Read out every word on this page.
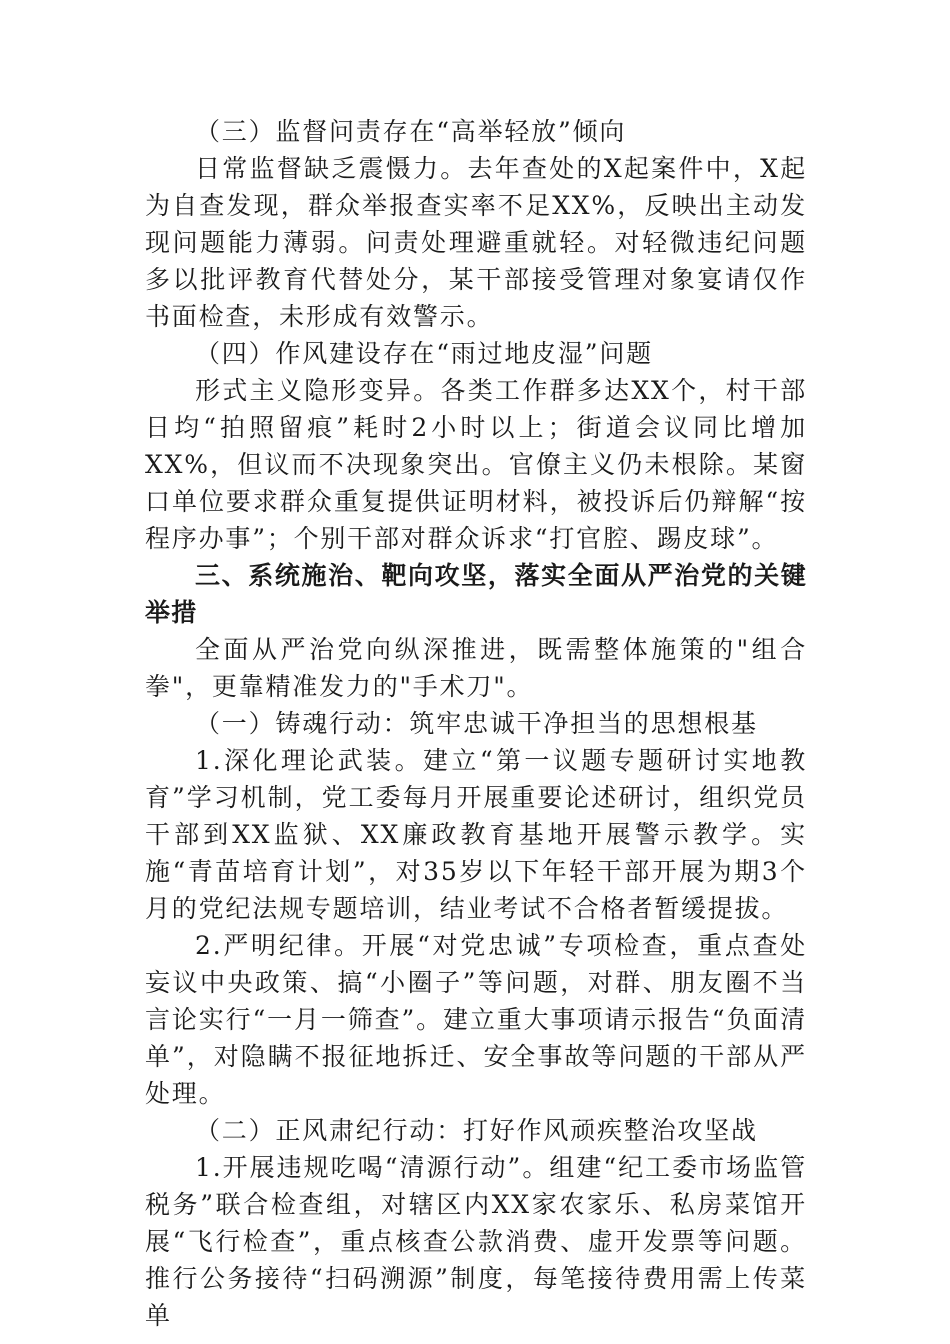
（三）监督问责存在“高举轻放”倾向

日常监督缺乏震慑力。去年查处的X起案件中，X起为自查发现，群众举报查实率不足XX%，反映出主动发现问题能力薄弱。问责处理避重就轻。对轻微违纪问题多以批评教育代替处分，某干部接受管理对象宴请仅作书面检查，未形成有效警示。

（四）作风建设存在“雨过地皮湿”问题

形式主义隐形变异。各类工作群多达XX个，村干部日均“拍照留痕”耗时2小时以上；街道会议同比增加XX%，但议而不决现象突出。官僚主义仍未根除。某窗口单位要求群众重复提供证明材料，被投诉后仍辩解“按程序办事”；个别干部对群众诉求“打官腔、踢皮球”。

三、系统施治、靶向攻坚，落实全面从严治党的关键举措

全面从严治党向纵深推进，既需整体施策的"组合拳"，更靠精准发力的"手术刀"。

（一）铸魂行动：筑牢忠诚干净担当的思想根基

1.深化理论武装。建立“第一议题专题研讨实地教育”学习机制，党工委每月开展重要论述研讨，组织党员干部到XX监狱、XX廉政教育基地开展警示教学。实施“青苗培育计划”，对35岁以下年轻干部开展为期3个月的党纪法规专题培训，结业考试不合格者暂缓提拔。

2.严明纪律。开展“对党忠诚”专项检查，重点查处妄议中央政策、搞“小圈子”等问题，对群、朋友圈不当言论实行“一月一筛查”。建立重大事项请示报告“负面清单”，对隐瞒不报征地拆迁、安全事故等问题的干部从严处理。

（二）正风肃纪行动：打好作风顽疾整治攻坚战

1.开展违规吃喝“清源行动”。组建“纪工委市场监管税务”联合检查组，对辖区内XX家农家乐、私房菜馆开展“飞行检查”，重点核查公款消费、虚开发票等问题。推行公务接待“扫码溯源”制度，每笔接待费用需上传菜单
